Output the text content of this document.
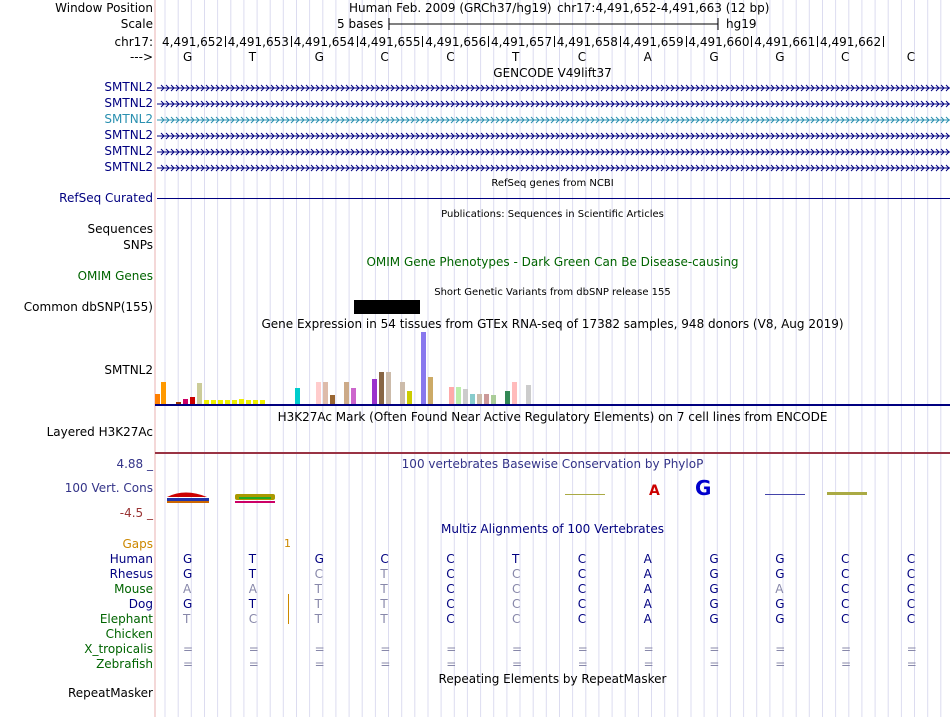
Window Position	Human Feb. 2009 (GRCh37/hg19) chr17:4,491,652-4,491,663 (12 bp)
Scale	5 bases	hg19
chr17: 4,491,652 4,491,653 4,491,654 4,491,655 4,491,656 4,491,657 4,491,658 4,491,659 4,491,660 4,491,661 4,491,662
--->	G	T	G	C	C	T	C	A	G	G	C	C
GENCODE V49lift37
SMTNL2
SMTNL2
SMTNL2
SMTNL2
SMTNL2
SMTNL2
RefSeq Curated
RefSeq genes from NCBI
Publications: Sequences in Scientific Articles
Sequences
SNPs
OMIM Gene Phenotypes - Dark Green Can Be Disease-causing
OMIM Genes
Short Genetic Variants from dbSNP release 155
Common dbSNP(155)
Gene Expression in 54 tissues from GTEx RNA-seq of 17382 samples, 948 donors (V8, Aug 2019)
SMTNL2
H3K27Ac Mark (Often Found Near Active Regulatory Elements) on 7 cell lines from ENCODE
Layered H3K27Ac
4.88 _	100 vertebrates Basewise Conservation by PhyloP
100 Vert. Cons
-4.5 _
A G
Multiz Alignments of 100 Vertebrates
Gaps	1
Human	G	T	G	C	C	T	C	A	G	G	C	C
Rhesus	G	T	C	T	C	C	C	A	G	G	C	C
Mouse	A	A	T	T	C	C	C	A	G	A	C	C
Dog	G	T	T	T	C	C	C	A	G	G	C	C
Elephant	T	C	T	T	C	C	C	A	G	G	C	C
Chicken
X_tropicalis	=	=	=	=	=	=	=	=	=	=	=	=
Zebrafish	=	=	=	=	=	=	=	=	=	=	=	=
Repeating Elements by RepeatMasker
RepeatMasker
